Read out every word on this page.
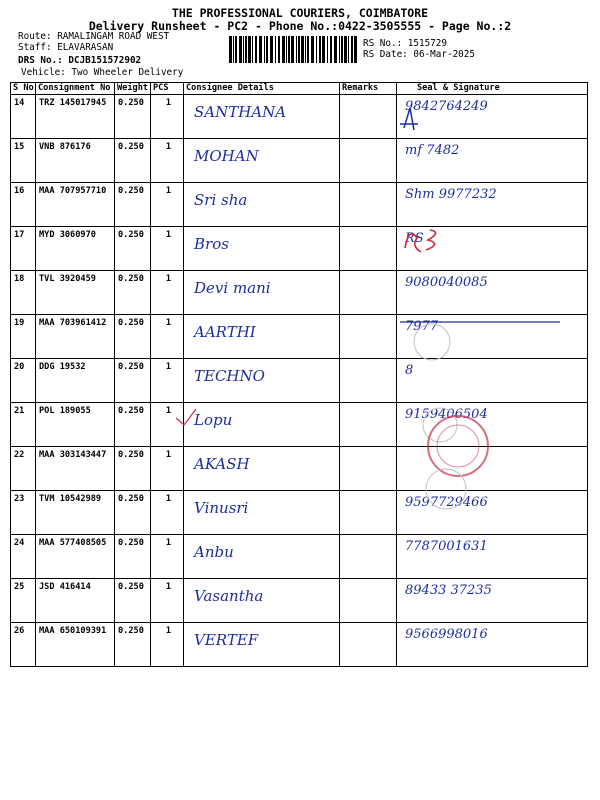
THE PROFESSIONAL COURIERS, COIMBATORE
Delivery Runsheet - PC2 - Phone No.:0422-3505555 - Page No.:2
Route: RAMALINGAM ROAD WEST
Staff: ELAVARASAN
DRS No.: DCJB151572902
Vehicle: Two Wheeler Delivery
RS No.: 1515729
RS Date: 06-Mar-2025
S No	Consignment No	Weight	PCS	Consignee Details	Remarks	Seal & Signature
14	TRZ 145017945	0.250	1	SANTHANA		9842764249

15	VNB 876176	0.250	1	MOHAN		mf 7482

16	MAA 707957710	0.250	1	Sri sha		Shm 9977232

17	MYD 3060970	0.250	1	Bros		RS

18	TVL 3920459	0.250	1	Devi mani		9080040085

19	MAA 703961412	0.250	1	AARTHI		7977

20	DDG 19532	0.250	1	TECHNO		8

21	POL 189055	0.250	1	Lopu		9159406504

22	MAA 303143447	0.250	1	AKASH		

23	TVM 10542989	0.250	1	Vinusri		9597729466

24	MAA 577408505	0.250	1	Anbu		7787001631

25	JSD 416414	0.250	1	Vasantha		89433 37235

26	MAA 650109391	0.250	1	VERTEF		9566998016
